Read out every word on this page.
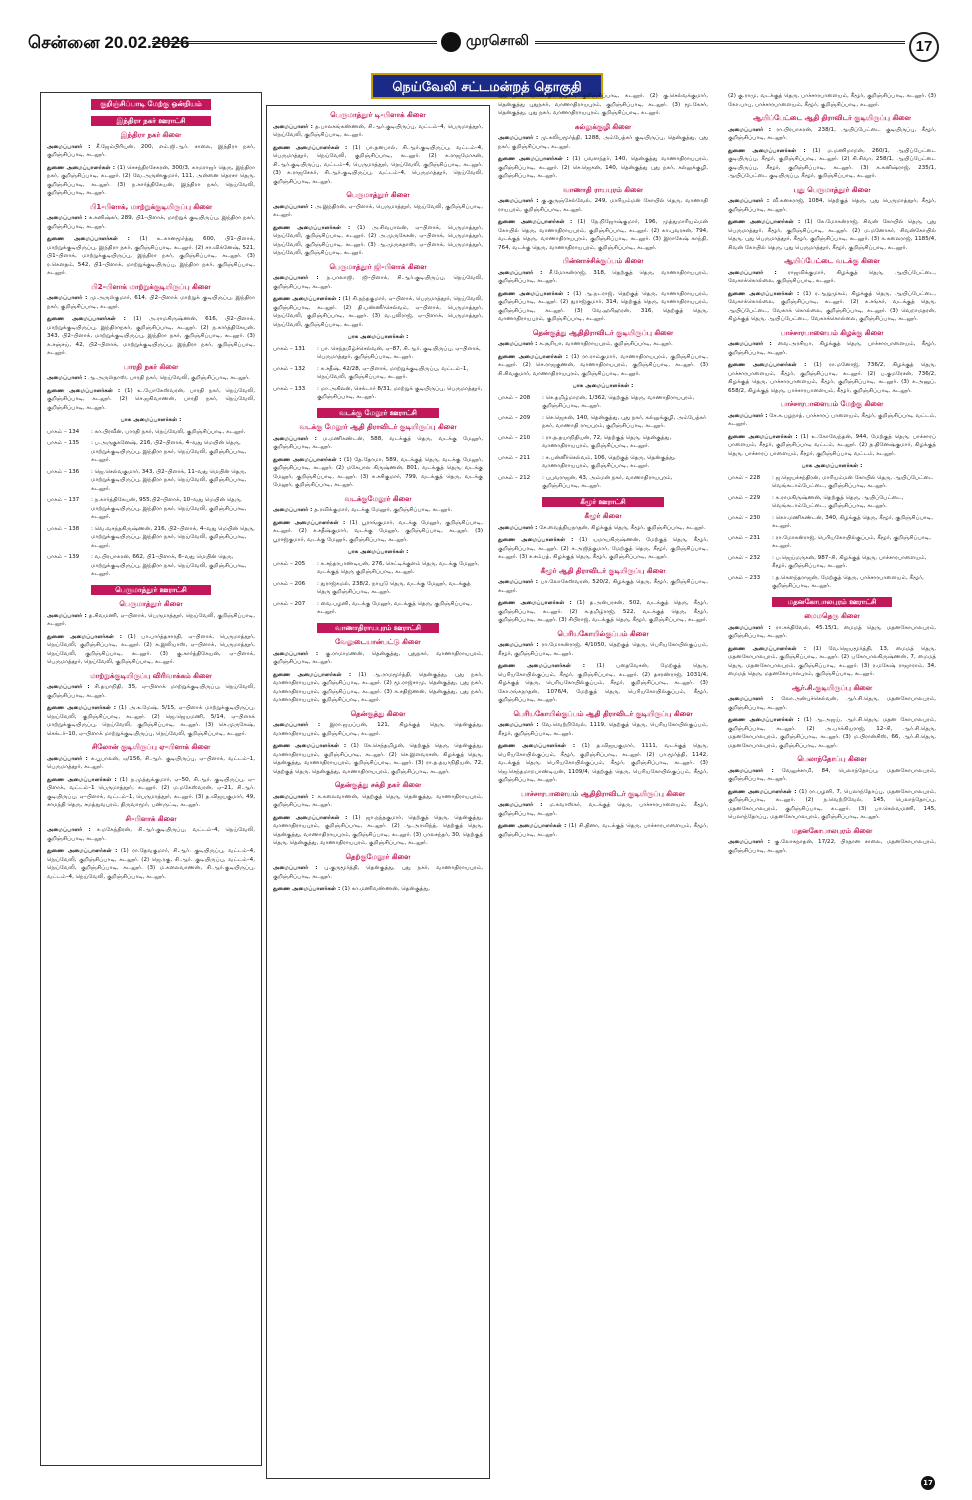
சென்னை 20.02.2026	முரசொலி	17
நெய்வேலி சட்டமன்றத் தொகுதி
குறிஞ்சிப்பாடி மேற்கு ஒன்றியம்
இந்திரா நகர் ஊராட்சி
இந்திரா நகர் கிளை
அமைப்பாளர் : சீ.ஜேம்பிரியன், 200, எம்.ஜி.ஆர். சாலை, இந்திரா நகர், குறிஞ்சிப்பாடி, கடலூர்.
துணை அமைப்பாளர்கள் : (1) செசந்திரசேகரன், 300/3, காமராஜர் தெரு, இந்திரா நகர், குறிஞ்சிப்பாடி, கடலூர். (2) வே.அருண்குமார், 111, அன்னை தெரசா தெரு, குறிஞ்சிப்பாடி, கடலூர். (3) ந.கார்த்திகேயன், இந்திரா நகர், நெய்வேலி, குறிஞ்சிப்பாடி, கடலூர்.
பி1–பிளாக், மாற்றுக்குடியிருப்பு கிளை
அமைப்பாளர் : க.கனிஷ்கர், 289, பி1–பிளாக், மாற்றுக் குடியிருப்பு, இந்திரா நகர், குறிஞ்சிப்பாடி, கடலூர்.
துணை அமைப்பாளர்கள் : (1) உ.கானமூர்த்து 600, பி1–பிளாக், மாற்றுக்குடியிருப்பு, இந்திரா நகர், குறிஞ்சிப்பாடி, கடலூர். (2) சா.விக்னேஷ், 521, பி1–பிளாக், மாற்றுக்குடியிருப்பு, இந்திரா நகர், குறிஞ்சிப்பாடி, கடலூர். (3) ர.கௌதம், 542, பி1–பிளாக், மாற்றுக்குடியிருப்பு, இந்திரா நகர், குறிஞ்சிப்பாடி, கடலூர்.
பி2–பிளாக் மாற்றுக்குடியிருப்பு கிளை
அமைப்பாளர் : மு.அருள்குமார், 614, பி2–பிளாக் மாற்றுக் குடியிருப்பு, இந்திரா நகர், குறிஞ்சிப்பாடி, கடலூர்.
துணை அமைப்பாளர்கள் : (1) அ.ராமகிருஷ்ணன், 616, பி2–பிளாக், மாற்றுக்குடியிருப்பு, இந்திராநகர், குறிஞ்சிப்பாடி, கடலூர். (2) ந.கார்த்திகேயன், 343, பி2–பிளாக், மாற்றுக்குடியிருப்பு, இந்திரா நகர், குறிஞ்சிப்பாடி, கடலூர். (3) க.சஞ்சய், 42, பி2–பிளாக், மாற்றுக்குடியிருப்பு, இந்திரா நகர், குறிஞ்சிப்பாடி, கடலூர்.
பாரதி நகர் கிளை
அமைப்பாளர் : ஆ.அருள்தாஸ், பாரதி நகர், நெய்வேலி, குறிஞ்சிப்பாடி, கடலூர்.
துணை அமைப்பாளர்கள் : (1) உ.யோகேஸ்வரன், பாரதி நகர், நெய்வேலி, குறிஞ்சிப்பாடி, கடலூர். (2) செ.ஜகிவாணன், பாரதி நகர், நெய்வேலி, குறிஞ்சிப்பாடி, கடலூர்.
பாக அமைப்பாளர்கள் :
பாகம் – 134	: கா.பிரவீன், பாரதி நகர், நெய்வேலி, குறிஞ்சிப்பாடி, கடலூர்.
பாகம் – 135	: ப.அருகுகனேஷ், 216, பி2–பிளாக், 4–வது மெயின் தெரு, மாற்றுக்குடியிருப்பு, இந்திரா நகர், நெய்வேலி, குறிஞ்சிப்பாடி, கடலூர்.
பாகம் – 136	: ஜெ.செல்வகுமார், 343, பி2–பிளாக், 11–வது மெயின் தெரு, மாற்றுக்குடியிருப்பு, இந்திரா நகர், நெய்வேலி, குறிஞ்சிப்பாடி, கடலூர்.
பாகம் – 137	: ந.கார்த்திகேயன், 955,பி2–பிளாக், 10–வது மெயின் தெரு, மாற்றுக்குடியிருப்பு, இந்திரா நகர், நெய்வேலி, குறிஞ்சிப்பாடி, கடலூர்.
பாகம் – 138	: வெ.வசந்தகிருஷ்ணன், 216, பி2–பிளாக், 4–வது மெயின் தெரு, மாற்றுக்குடியிருப்பு, இந்திரா நகர், நெய்வேலி, குறிஞ்சிப்பாடி, கடலூர்.
பாகம் – 139	: வ.பிரபாகரன், 662, பி1–பிளாக், 6–வது மெயின் தெரு, மாற்றுக்குடியிருப்பு, இந்திரா நகர், நெய்வேலி, குறிஞ்சிப்பாடி, கடலூர்.
பெருமாத்தூர் ஊராட்சி
பெருமாத்தூர் கிளை
அமைப்பாளர் : த.சிவமணி, ஏ–பிளாக், பெருமாத்தூர், நெய்வேலி, குறிஞ்சிப்பாடி, கடலூர்.
துணை அமைப்பாளர்கள் : (1) பா.பார்த்தசாரதி, ஏ–பிளாக், பெருமாத்தூர், நெய்வேலி, குறிஞ்சிப்பாடி, கடலூர். (2) க.இலியாஸ், ஏ–பிளாக், பெருமாத்தூர், நெய்வேலி, குறிஞ்சிப்பாடி, கடலூர். (3) கு.கார்த்திகேயன், ஏ–பிளாக், பெருமாத்தூர், நெய்வேலி, குறிஞ்சிப்பாடி, கடலூர்.
மாற்றுக்குடியிருப்பு விரிவாக்கம் கிளை
அமைப்பாளர் : சி.தயாநிதி, 35, ஏ–பிளாக் மாற்றுக்குடியிருப்பு, நெய்வேலி, குறிஞ்சிப்பாடி, கடலூர்.
துணை அமைப்பாளர்கள் : (1) அ.உமேஷ், 5/15, ஏ–பிளாக் மாற்றுக்குடியிருப்பு, நெய்வேலி, குறிஞ்சிப்பாடி, கடலூர். (2) ஜெ.ஜெயமணி, 5/14, ஏ–பிளாக் மாற்றுக்குடியிருப்பு, நெய்வேலி, குறிஞ்சிப்பாடி, கடலூர். (3) செ.முருகேஷ், செக்டர்–10, ஏ–பிளாக் மாற்றுக்குடியிருப்பு, நெய்வேலி, குறிஞ்சிப்பாடி, கடலூர்.
சிலோன் குடியிருப்பு ஏ–பிளாக் கிளை
அமைப்பாளர் : சு.பூபாலன், ஏ/156, சி.ஆர். குடியிருப்பு, ஏ–பிளாக், வட்டம்–1, பெருமாத்தூர், கடலூர்.
துணை அமைப்பாளர்கள் : (1) ந.முத்துக்குமார், ஏ–50, சி.ஆர். குடியிருப்பு, ஏ–பிளாக், வட்டம்–1 பெருமாத்தூர், கடலூர். (2) ம.மகேஸ்வரன், ஏ–21, சி.ஆர். குடியிருப்பு, ஏ–பிளாக், வட்டம்–1, பெருமாத்தூர், கடலூர். (3) த.விஜயகுமார், 49, சாமந்தி தெரு, சமத்துவபுரம், திருவாமூர், பண்ருட்டி, கடலூர்.
சி–பிளாக் கிளை
அமைப்பாளர் : ச.மகேந்திரன், சி.ஆர்.குடியிருப்பு, வட்டம்–4, நெய்வேலி, குறிஞ்சிப்பாடி, கடலூர்.
துணை அமைப்பாளர்கள் : (1) ரா.தேவகுமார், சி.ஆர். குடியிருப்பு, வட்டம்–4, நெய்வேலி, குறிஞ்சிப்பாடி, கடலூர். (2) ஜெ.ரகு, சி.ஆர். குடியிருப்பு, வட்டம்–4, நெய்வேலி, குறிஞ்சிப்பாடி, கடலூர். (3) ம.கலைவாணன், சி.ஆர்.குடியிருப்பு, வட்டம்–4, நெய்வேலி, குறிஞ்சிப்பாடி, கடலூர்.
பெருமாத்தூர் டி–பிளாக் கிளை
அமைப்பாளர் : த.பாலகங்கண்ணன், சி.ஆர்.குடியிருப்பு, வட்டம்–4, பெருமாத்தூர், நெய்வேலி, குறிஞ்சிப்பாடி, கடலூர்.
துணை அமைப்பாளர்கள் : (1) பா.தனபால், சி.ஆர்.குடியிருப்பு, வட்டம்–4, பெருமாத்தூர், நெய்வேலி, குறிஞ்சிப்பாடி, கடலூர். (2) க.ராஜமோகன், சி.ஆர்.குடியிருப்பு, வட்டம்–4, பெருமாத்தூர், நெய்வேலி, குறிஞ்சிப்பாடி, கடலூர். (3) சு.ராஜசேகர், சி.ஆர்.குடியிருப்பு, வட்டம்–4, பெருமாத்தூர், நெய்வேலி, குறிஞ்சிப்பாடி, கடலூர்.
பெருமாத்தூர் கிளை
அமைப்பாளர் : அ.இந்திரன், ஏ–பிளாக், பெருமாத்தூர், நெய்வேலி, குறிஞ்சிப்பாடி, கடலூர்.
துணை அமைப்பாளர்கள் : (1) அ.சிவபாலன், ஏ–பிளாக், பெருமாத்தூர், நெய்வேலி, குறிஞ்சிப்பாடி, கடலூர். (2) அ.முருகேசன், ஏ–பிளாக், பெருமாத்தூர், நெய்வேலி, குறிஞ்சிப்பாடி, கடலூர். (3) ஆ.முருகதாஸ், ஏ–பிளாக், பெருமாத்தூர், நெய்வேலி, குறிஞ்சிப்பாடி, கடலூர்.
பெருமாத்தூர் ஜி–பிளாக் கிளை
அமைப்பாளர் : ந.பாலாஜி, ஜி–பிளாக், சி.ஆர்.குடியிருப்பு, நெய்வேலி, குறிஞ்சிப்பாடி, கடலூர்.
துணை அமைப்பாளர்கள் : (1) சி.நந்தகுமார், ஏ–பிளாக், பெருமாத்தூர், நெய்வேலி, குறிஞ்சிப்பாடி, கடலூர். (2) தி.பண்ணீர்செல்வம், ஏ–பிளாக், பெருமாத்தூர், நெய்வேலி, குறிஞ்சிப்பாடி, கடலூர். (3) வ.புலிராஜ், ஏ–பிளாக், பெருமாத்தூர், நெய்வேலி, குறிஞ்சிப்பாடி, கடலூர்.
பாக அமைப்பாளர்கள் :
பாகம் – 131	: பா. செந்தமிழ்ச்செல்வன், ஏ–87, சி.ஆர். குடியிருப்பு, ஏ–பிளாக், பெருமாத்தூர், குறிஞ்சிப்பாடி, கடலூர்.
பாகம் – 132	: சு.சதீஷ், 42/28, ஏ–பிளாக், மாற்றுக்குடியிருப்பு, வட்டம்–1, நெய்வேலி, குறிஞ்சிப்பாடி, கடலூர்.
பாகம் – 133	: மா.அகிலன், செக்டார் 8/31, மாற்றுக் குடியிருப்பு, பெருமாத்தூர், குறிஞ்சிப்பாடி, கடலூர்.
வடக்கு மேலூர் ஊராட்சி
வடக்கு மேலூர் ஆதி திராவிடர் குடியிருப்பு கிளை
அமைப்பாளர் : ம.மணிகண்டன், 588, வடக்குத் தெரு, வடக்கு மேலூர், குறிஞ்சிப்பாடி, கடலூர்.
துணை அமைப்பாளர்கள் : (1) தே.தோமா, 589, வடக்குத் தெரு, வடக்கு மேலூர், குறிஞ்சிப்பாடி, கடலூர். (2) மகேபால கிருஷ்ணன், 801, வடக்குத் தெரு, வடக்கு மேலூர், குறிஞ்சிப்பாடி, கடலூர். (3) சு.சசிகுமார், 799, வடக்குத் தெரு, வடக்கு மேலூர், குறிஞ்சிப்பாடி, கடலூர்.
வடக்குமேலூர் கிளை
அமைப்பாளர் : த.ரவிக்குமார், வடக்கு மேலூர், குறிஞ்சிப்பாடி, கடலூர்.
துணை அமைப்பாளர்கள் : (1) பூராங்குமார், வடக்கு மேலூர், குறிஞ்சிப்பாடி, கடலூர். (2) ச.சதீஷ்குமார், வடக்கு மேலூர், குறிஞ்சிப்பாடி, கடலூர். (3) பூராஜ்குமார், வடக்கு மேலூர், குறிஞ்சிப்பாடி, கடலூர்.
பாக அமைப்பாளர்கள் :
பாகம் – 205	: சு.சந்தரபாண்டியன், 276, செட்டிக்குளம் தெரு, வடக்கு மேலூர், வடக்குத் தெரு குறிஞ்சிப்பாடி, கடலூர்.
பாகம் – 206	: துராஜ்கமல், 238/2, நாயுடு தெரு, வடக்கு மேலூர், வடக்குத் தெரு குறிஞ்சிப்பாடி, கடலூர்.
பாகம் – 207	: வை.பழனி, வடக்கு மேலூர், வடக்குத் தெரு, குறிஞ்சிப்பாடி, கடலூர்.
வாணாதிராயபுரம் ஊராட்சி
வேலுடையான்பட்டு கிளை
அமைப்பாளர் : கு.ராமாமணன், தென்குத்து, புதுநகர், வாணாதிராயபுரம், குறிஞ்சிப்பாடி, கடலூர்.
துணை அமைப்பாளர்கள் : (1) ஆ.ராமமூர்த்தி, தென்குத்து, புது நகர், வாணாதிராயபுரம், குறிஞ்சிப்பாடி, கடலூர். (2) மூ.ராஜ்சாமு, தென்குத்து, புது நகர், வாணாதிராயபுரம், குறிஞ்சிப்பாடி, கடலூர். (3) சு.சதிஜ்ணன், தென்குத்து, புது நகர், வாணாதிராயபுரம், குறிஞ்சிப்பாடி, கடலூர்.
தென்குத்து கிளை
அமைப்பாளர் : இரா.ஜயப்பன், 121, கிழக்குத் தெரு, தென்குத்து, வாணாதிராயபுரம், குறிஞ்சிப்பாடி, கடலூர்.
துணை அமைப்பாளர்கள் : (1) கே.செந்தமிழன், தெற்குத் தெரு, தென்குத்து, வாணாதிராயபுரம், குறிஞ்சிப்பாடி, கடலூர். (2) செ.இளவரசன், கிழக்குத் தெரு, தென்குத்து, வாணாதிராயபுரம், குறிஞ்சிப்பாடி, கடலூர். (3) ரா.த.தயாநிதியன், 72, தெற்குத் தெரு, தென்குத்து, வாணாதிராயபுரம், குறிஞ்சிப்பாடி, கடலூர்.
தென்குத்து சக்தி நகர் கிளை
அமைப்பாளர் : க.கலைவாணன், தெற்குத் தெரு, தென்குத்து, வாணாதிராயபுரம், குறிஞ்சிப்பாடி, கடலூர்.
துணை அமைப்பாளர்கள் : (1) ஜா.நந்தகுமார், தெற்குத் தெரு, தென்குத்து, வாணாதிராயபுரம், குறிஞ்சிப்பாடி, கடலூர். (2) ஆ.அரவிந்த், தெற்குத் தெரு, தென்குத்து, வாணாதிராயபுரம், குறிஞ்சிப்பாடி, கடலூர். (3) பாலசந்தர், 30, தெற்குத் தெரு, தென்குத்து, வாணாதிராயபுரம், குறிஞ்சிப்பாடி, கடலூர்.
தெற்குமேலூர் கிளை
அமைப்பாளர் : பு.குருமூர்த்தி, தென்குத்து, புது நகர், வாணாதிராயபுரம், குறிஞ்சிப்பாடி, கடலூர்.
துணை அமைப்பாளர்கள் : (1) கா.மணிவண்ணன், தென்குத்து,
புது நகர், வாணாதிராயபுரம், குறிஞ்சிப்பாடி, கடலூர். (2) கு.செல்வக்குமார், தென்குத்து புதுநகர், வாணாதிராயபுரம், குறிஞ்சிப்பாடி, கடலூர். (3) மூ.கேசர், தென்குத்து, புது நகர், வாணாதிராயபுரம், குறிஞ்சிப்பாடி, கடலூர்.
கல்லுக்குழி கிளை
அமைப்பாளர் : மு.கலியமூர்த்தி, 1288, அம்பேத்கர் குடியிருப்பு, தென்குத்து, புது நகர், குறிஞ்சிப்பாடி, கடலூர்.
துணை அமைப்பாளர்கள் : (1) பவஸந்தர், 140, தென்குத்து வாணாதிராயபுரம், குறிஞ்சிப்பாடி, கடலூர். (2) செ.ஜெகன், 140, தென்குத்து புது நகர், கல்லுக்குழி, குறிஞ்சிப்பாடி, கடலூர்.
வாணாதி ராயபுரம் கிளை
அமைப்பாளர் : கு.குருஞ்சேல்வேல், 249, மாரியம்மன் கோயில் தெரு, வாணாதி ராயபுரம், குறிஞ்சிப்பாடி, கடலூர்.
துணை அமைப்பாளர்கள் : (1) நே.நிஜோஷ்குமார், 196, முத்துமாரியம்மன் கோயில் தெரு, வாணாதிராயபுரம், குறிஞ்சிப்பாடி, கடலூர். (2) கா.புவரசன், 794, வடக்குத் தெரு, வாணாதிராயபுரம், குறிஞ்சிப்பாடி, கடலூர். (3) இராகேஷ் காந்தி, 764, வடக்கு தெரு, வாணாதிராயபுரம், குறிஞ்சிப்பாடி, கடலூர்.
பின்னாச்சிக்குப்பம் கிளை
அமைப்பாளர் : சீ.மோகன்ராஜ், 318, தெற்குத் தெரு, வாணாதிராயபுரம், குறிஞ்சிப்பாடி, கடலூர்.
துணை அமைப்பாளர்கள் : (1) ஆ.நடராஜ், தெற்குத் தெரு, வாணாதிராயபுரம், குறிஞ்சிப்பாடி, கடலூர். (2) துராஜ்குமார், 314, தெற்குத் தெரு, வாணாதிராயபுரம், குறிஞ்சிப்பாடி, கடலூர். (3) வே.ஹரிஹரன், 316, தெற்குத் தெரு, வாணாதிராயபுரம், குறிஞ்சிப்பாடி, கடலூர்.
தென்குத்து ஆதிதிராவிடர் குடியிருப்பு கிளை
அமைப்பாளர் : க.சூரியா, வாணாதிராயபுரம், குறிஞ்சிப்பாடி, கடலூர்.
துணை அமைப்பாளர்கள் : (1) ரா.ராம்குமார், வாணாதிராயபுரம், குறிஞ்சிப்பாடி, கடலூர். (2) செ.ராஜகுணன், வாணாதிராயபுரம், குறிஞ்சிப்பாடி, கடலூர். (3) சி.சிவகுமார், வாணாதிராயபுரம், குறிஞ்சிப்பாடி, கடலூர்.
பாக அமைப்பாளர்கள் :
பாகம் – 208	: செ.தமிழ்மாறன், 1/362, தெற்குத் தெரு, வாணாதிராயபுரம், குறிஞ்சிப்பாடி, கடலூர்.
பாகம் – 209	: செ.ஜெகன், 140, தென்குத்து, புது நகர், கல்லுக்குழி, அம்பேத்கர் நகர், வாணாதி ராயபுரம், குறிஞ்சிப்பாடி, கடலூர்.
பாகம் – 210	: ரா.த.தயாநிதியன், 72, தெற்குத் தெரு, தென்குத்து, வாணாதிராயபுரம், குறிஞ்சிப்பாடி, கடலூர்.
பாகம் – 211	: ச.பன்னீர்செல்வம், 106, தெற்குத் தெரு, தென்குத்து, வாணாதிராயபுரம், குறிஞ்சிப்பாடி, கடலூர்.
பாகம் – 212	: புபுவராஜன், 43, அம்மன் நகர், வாணாதிராயபுரம், குறிஞ்சிப்பாடி, கடலூர்.
கீழூர் ஊராட்சி
கீழூர் கிளை
அமைப்பாளர் : சே.வைத்தியநாதன், கிழக்குத் தெரு, கீழூர், குறிஞ்சிப்பாடி, கடலூர்.
துணை அமைப்பாளர்கள் : (1) யமாயகிருஷ்ணன், மேற்குத் தெரு, கீழூர், குறிஞ்சிப்பாடி, கடலூர். (2) ச.அஜித்குமார், மேற்குத் தெரு, கீழூர், குறிஞ்சிப்பாடி, கடலூர். (3) ச.சம்பத், கிழக்குத் தெரு, கீழூர், குறிஞ்சிப்பாடி, கடலூர்.
கீழூர் ஆதி திராவிடர் குடியிருப்பு கிளை
அமைப்பாளர் : பா.லோகேஸ்வரன், 520/2, கிழக்குத் தெரு, கீழூர், குறிஞ்சிப்பாடி, கடலூர்.
துணை அமைப்பாளர்கள் : (1) த.அன்பரசன், 502, வடக்குத் தெரு, கீழூர், குறிஞ்சிப்பாடி, கடலூர். (2) க.தமிழ்ராஜ், 522, வடக்குத் தெரு, கீழூர், குறிஞ்சிப்பாடி, கடலூர். (3) சிபிராஜ், வடக்குத் தெரு, கீழூர், குறிஞ்சிப்பாடி, கடலூர்.
பெரியகோயில்குப்பம் கிளை
அமைப்பாளர் : ரா.மோகன்ராஜ், 4/1050, தெற்குத் தெரு, பெரியகோயில்குப்பம், கீழூர், குறிஞ்சிப்பாடி, கடலூர்.
துணை அமைப்பாளர்கள் : (1) பதைவேசன், மேற்குத் தெரு, பெரியகோயில்குப்பம், கீழூர், குறிஞ்சிப்பாடி, கடலூர். (2) தசரண்ராஜ், 1031/4, கிழக்குத் தெரு, பெரியகோயில்குப்பம், கீழூர், குறிஞ்சிப்பாடி, கடலூர். (3) கோ.ரங்கநாதன், 1076/4, மேற்குத் தெரு, பெரியகோயில்குப்பம், கீழூர், குறிஞ்சிப்பாடி, கடலூர்.
பெரியகோயில்குப்பம் ஆதி திராவிடர் குடியிருப்பு கிளை
அமைப்பாளர் : வே.வெற்றிவேல், 1119, தெற்குத் தெரு, பெரியகோயில்குப்பம், கீழூர், குறிஞ்சிப்பாடி, கடலூர்.
துணை அமைப்பாளர்கள் : (1) த.விஜயகுமார், 1111, வடக்குத் தெரு, பெரியகோயில்குப்பம், கீழூர், குறிஞ்சிப்பாடி, கடலூர். (2) பா.மூர்த்தி, 1142, வடக்குத் தெரு, பெரியகோயில்குப்பம், கீழூர், குறிஞ்சிப்பாடி, கடலூர். (3) ஜெ.செந்தமாறபாண்டியன், 1109/4, தெற்குத் தெரு, பெரியகோயில்குப்பம், கீழூர், குறிஞ்சிப்பாடி, கடலூர்.
பாச்சாரபாளையம் ஆதிதிராவிடர் குடியிருப்பு கிளை
அமைப்பாளர் : ம.கவாஸ்கர், வடக்குத் தெரு, பாச்சாரபாளையம், கீழூர், குறிஞ்சிப்பாடி, கடலூர்.
துணை அமைப்பாளர்கள் : (1) சி.தினா, வடக்குத் தெரு, பாச்சாரபாளையம், கீழூர், குறிஞ்சிப்பாடி, கடலூர்.
(2) கு.ராமு, வடக்குத் தெரு, பாச்சாரபாளையம், கீழூர், குறிஞ்சிப்பாடி, கடலூர். (3) கோ.பாபு, பாச்சாரபாளையம், கீழூர், குறிஞ்சிப்பாடி, கடலூர்.
ஆயிப்பேட்டை ஆதி திராவிடர் குடியிருப்பு கிளை
அமைப்பாளர் : ரா.பிரபாகரன், 238/1, ஆயிப்பேட்டை குடியிருப்பு, கீழூர், குறிஞ்சிப்பாடி, கடலூர்.
துணை அமைப்பாளர்கள் : (1) ம.மணிமாறன், 260/1, ஆயிப்பேட்டை குடியிருப்பு, கீழூர், குறிஞ்சிப்பாடி, கடலூர். (2) சி.சிவா, 258/1, ஆயிப்பேட்டை குடியிருப்பு, கீழூர், குறிஞ்சிப்பாடி, கடலூர். (3) க.கனிஷ்ராஜ், 235/1, ஆயிப்பேட்டை குடியிருப்பு, கீழூர், குறிஞ்சிப்பாடி, கடலூர்.
புது பெருமாத்தூர் கிளை
அமைப்பாளர் : வீ.கனகராஜ், 1084, தெற்குத் தெரு, புது பெருமாத்தூர், கீழூர், குறிஞ்சிப்பாடி, கடலூர்.
துணை அமைப்பாளர்கள் : (1) கே.மோகன்ராஜ், சிவன் கோயில் தெரு, புது பெருமாத்தூர், கீழூர், குறிஞ்சிப்பாடி, கடலூர். (2) ம.மனோகர், சிவன்கோயில் தெரு, புது பெருமாத்தூர், கீழூர், குறிஞ்சிப்பாடி, கடலூர். (3) க.கலைராஜ், 1185/4, சிவன் கோயில் தெரு, புது பெருமாத்தூர், கீழூர், குறிஞ்சிப்பாடி, கடலூர்.
ஆயிப்பேட்டை வடக்கு கிளை
அமைப்பாளர் : ராஜவிக்குமார், கிழக்குத் தெரு, ஆயிப்பேட்டை, வேகாக்கொல்லை, குறிஞ்சிப்பாடி, கடலூர்.
துணை அமைப்பாளர்கள் : (1) ர.ஆறுமுகம், கிழக்குத் தெரு, ஆயிப்பேட்டை, வேகாக்கொல்லை, குறிஞ்சிப்பாடி, கடலூர். (2) க.சங்கர், வடக்குத் தெரு, ஆயிப்பேட்டை, வேகாக் கொல்லை, குறிஞ்சிப்பாடி, கடலூர். (3) வெறாமதரன், கிழக்குத் தெரு, ஆயிப்பேட்டை, வேகாக்கொல்லை, குறிஞ்சிப்பாடி, கடலூர்.
பாச்சாரபாளையம் கிழக்கு கிளை
அமைப்பாளர் : வை.அரசியா, கிழக்குத் தெரு, பாச்சாரபாளையம், கீழூர், குறிஞ்சிப்பாடி, கடலூர்.
துணை அமைப்பாளர்கள் : (1) ரா.மனோஜ், 736/2, கிழக்குத் தெரு, பாச்சாரபாளையம், கீழூர், குறிஞ்சிப்பாடி, கடலூர். (2) ப.குமரேசன், 736/2, கிழக்குத் தெரு, பாச்சாரபாளையம், கீழூர், குறிஞ்சிப்பாடி, கடலூர். (3) க.அனுப், 658/2, கிழக்குத் தெரு, பாச்சாரபாளையம், கீழூர், குறிஞ்சிப்பாடி, கடலூர்.
பாச்சாரபாளையம் மேற்கு கிளை
அமைப்பாளர் : சே.க.பழநாத், பாச்சாரப் பாளையம், கீழூர், குறிஞ்சிப்பாடி வட்டம், கடலூர்.
துணை அமைப்பாளர்கள் : (1) உ.கோவேந்தன், 944, மேற்குத் தெரு, பாச்சாரப் பாளையம், கீழூர், குறிஞ்சிப்பாடி வட்டம், கடலூர். (2) த.தினேஷ்குமார், கிழக்குத் தெரு, பாச்சாரப் பாளையம், கீழூர், குறிஞ்சிப்பாடி வட்டம், கடலூர்.
பாக அமைப்பாளர்கள் :
பாகம் – 228	: ஜ.ஜெயச்சந்திரன், மாரியம்மன் கோயில் தெரு, ஆயிப்பேட்டை வெங்கடாம்பேட்டை, குறிஞ்சிப்பாடி, கடலூர்.
பாகம் – 229	: க.ராமகிருஷ்ணன், தெற்குத் தெரு, ஆயிப்பேட்டை, வெங்கடாம்பேட்டை, குறிஞ்சிப்பாடி, கடலூர்.
பாகம் – 230	: கொ.மணிகண்டன், 340, கிழக்குத் தெரு, கீழூர், குறிஞ்சிப்பாடி, கடலூர்.
பாகம் – 231	: ரா.மோகன்ராஜ், பெரியகோயில்குப்பம், கீழூர், குறிஞ்சிப்பாடி, கடலூர்.
பாகம் – 232	: ப.ஜெய்மருகன், 987–சி, கிழக்குத் தெரு, பாச்சாரபாளையம், கீழூர், குறிஞ்சிப்பாடி, கடலூர்.
பாகம் – 233	: த.கௌந்தராஜன், மேற்குத் தெரு, பாச்சாரபாளையம், கீழூர், குறிஞ்சிப்பாடி, கடலூர்.
மதனகோபாலபுரம் ஊராட்சி
மைமதெரு கிளை
அமைப்பாளர் : ரா.சக்திவேல், 45.15/1, மைமத் தெரு, மதனகோபாலபுரம், குறிஞ்சிப்பாடி, கடலூர்.
துணை அமைப்பாளர்கள் : (1) வே.ஜெயமூர்த்தி, 13, மைமத் தெரு, மதனகோபாலபுரம், குறிஞ்சிப்பாடி, கடலூர். (2) பகோபாலகிருஷ்ணன், 7, மைமத் தெரு, மதனகோபாலபுரம், குறிஞ்சிப்பாடி, கடலூர். (3) ர.மகேஷ் ராஜாராம், 34, மைமத் தெரு, மதனகோபாலபுரம், குறிஞ்சிப்பாடி, கடலூர்.
ஆர்.சி.குடியிருப்பு கிளை
அமைப்பாளர் : லோ.அன்புச்செல்வன், ஆர்.சி.தெரு, மதனகோபாலபுரம், குறிஞ்சிப்பாடி, கடலூர்.
துணை அமைப்பாளர்கள் : (1) ஆ.அஜய், ஆர்.சி.தெரு, மதன கோபாலபுரம், குறிஞ்சிப்பாடி, கடலூர். (2) அ.பாக்கியராஜ், 12–சி, ஆர்.சி.தெரு, மதனகோபாலபுரம், குறிஞ்சிப்பாடி, கடலூர். (3) ம.பிரான்சிஸ், 66, ஆர்.சி.தெரு, மதனகோபாலபுரம், குறிஞ்சிப்பாடி, கடலூர்.
பெலாந்தோப்பு கிளை
அமைப்பாளர் : வேலுச்சாமி, 84, பெலாந்தோப்பு, மதனகோபாலபுரம், குறிஞ்சிப்பாடி, கடலூர்.
துணை அமைப்பாளர்கள் : (1) ரா.பழனி, 7, பெலாந்தோப்பு, மதனகோபாலபுரம், குறிஞ்சிப்பாடி, கடலூர். (2) ந.வெற்றிவேல், 145, பெலாந்தோப்பு, மதனகோபாலபுரம், குறிஞ்சிப்பாடி, கடலூர். (3) பா.செல்வமணி, 145, பெலாந்தோப்பு, மதனகோபாலபுரம், குறிஞ்சிப்பாடி, கடலூர்.
மதனகோபாலபுரம் கிளை
அமைப்பாளர் : கு.லோகநாதன், 17/22, பிரதான சாலை, மதனகோபாலபுரம், குறிஞ்சிப்பாடி, கடலூர்.
17
